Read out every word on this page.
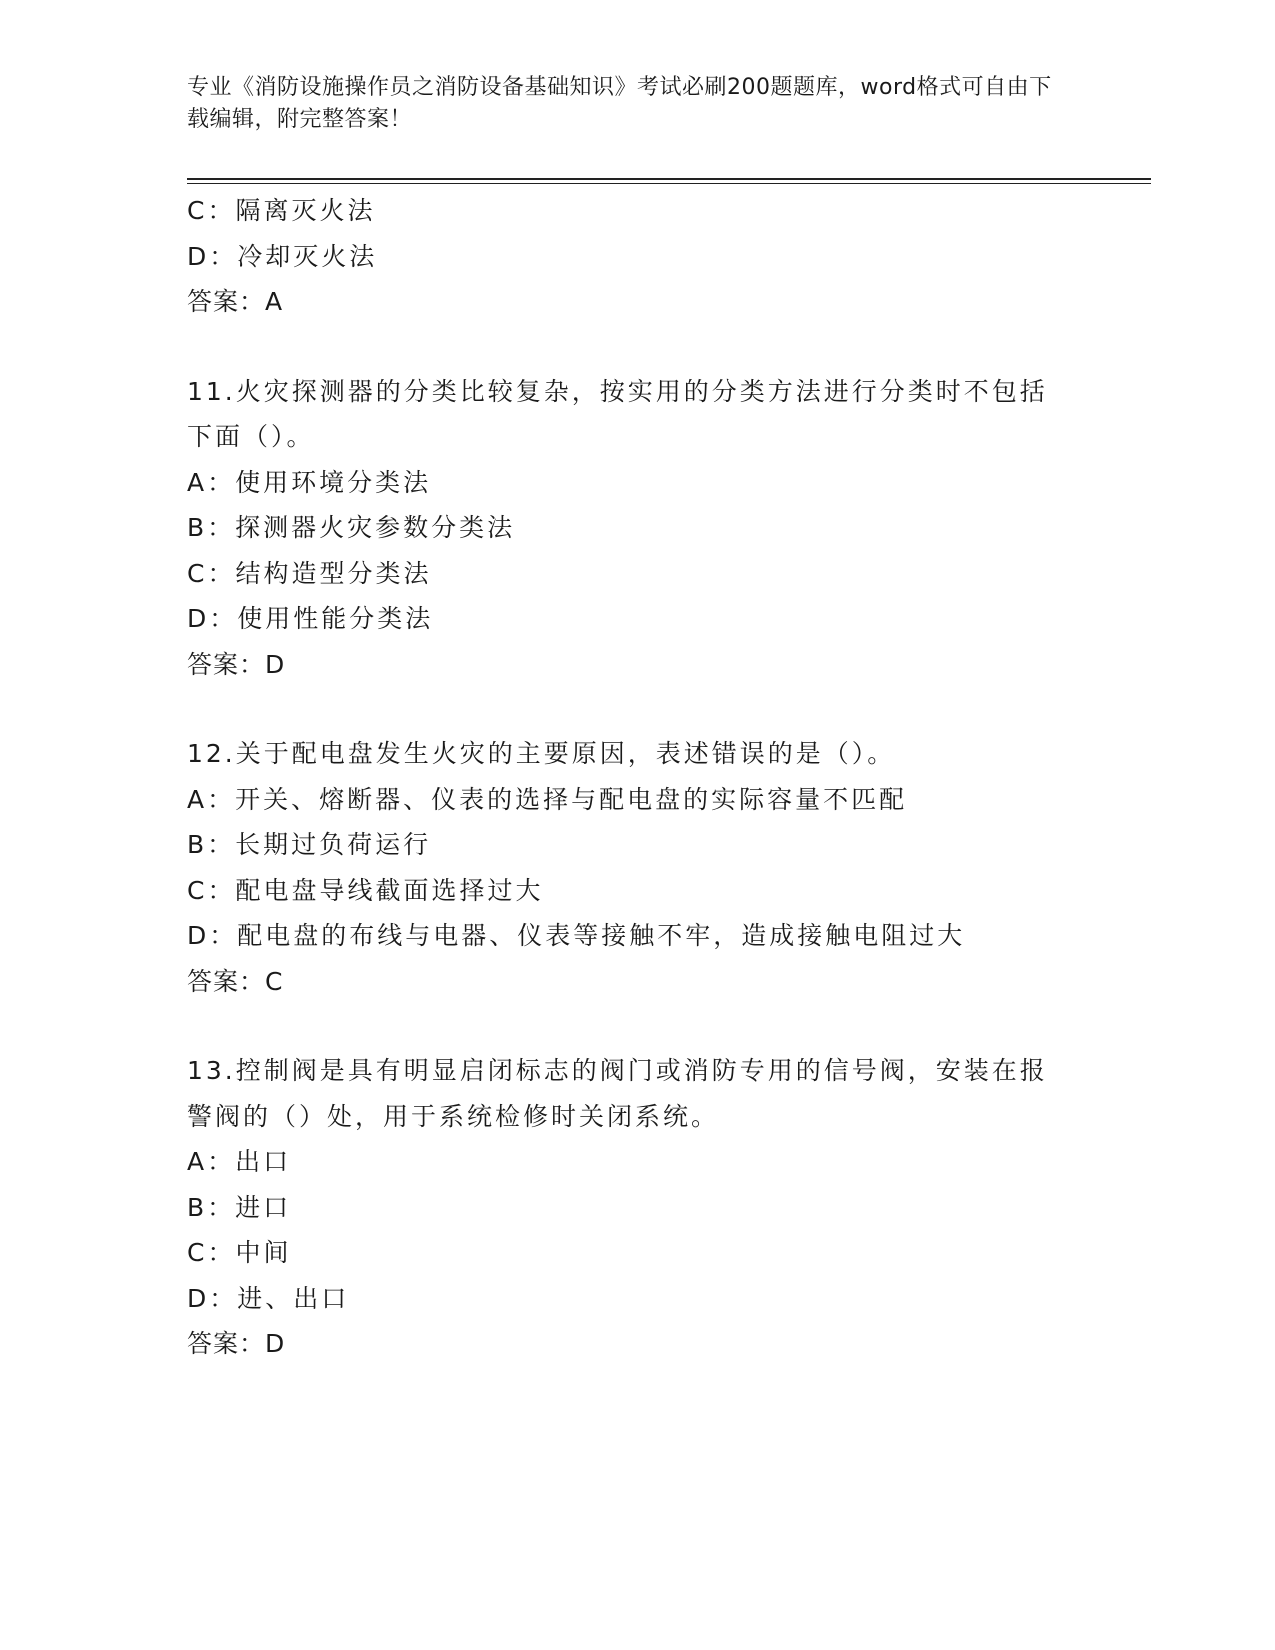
专业《消防设施操作员之消防设备基础知识》考试必刷200题题库，word格式可自由下载编辑，附完整答案！

C：隔离灭火法

D：冷却灭火法

答案：A

11.火灾探测器的分类比较复杂，按实用的分类方法进行分类时不包括

下面（）。

A：使用环境分类法

B：探测器火灾参数分类法

C：结构造型分类法

D：使用性能分类法

答案：D

12.关于配电盘发生火灾的主要原因，表述错误的是（）。

A：开关、熔断器、仪表的选择与配电盘的实际容量不匹配

B：长期过负荷运行

C：配电盘导线截面选择过大

D：配电盘的布线与电器、仪表等接触不牢，造成接触电阻过大

答案：C

13.控制阀是具有明显启闭标志的阀门或消防专用的信号阀，安装在报

警阀的（）处，用于系统检修时关闭系统。

A：出口

B：进口

C：中间

D：进、出口

答案：D
